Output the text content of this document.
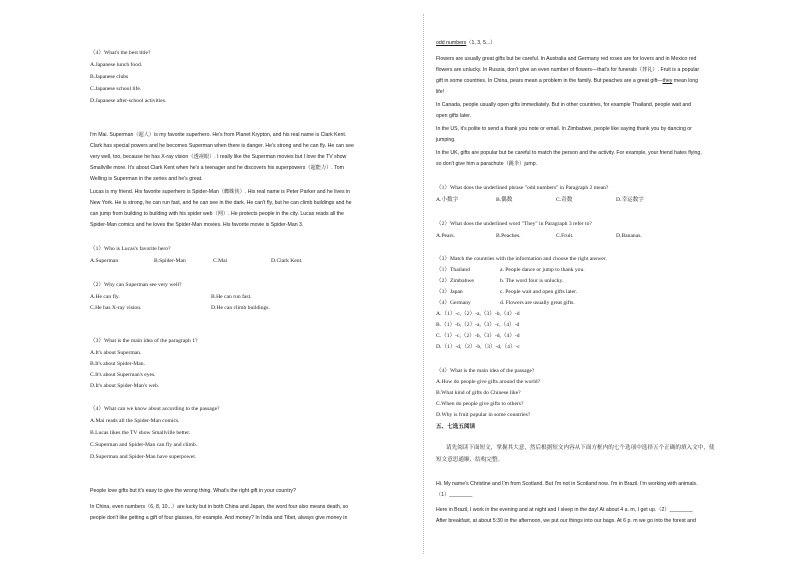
（4）What's the best title?
A.Japanese lunch food.
B.Japanese clubs
C.Japanese school life.
D.Japanese after-school activities.
I'm Mai. Superman（超人）is my favorite superhero. He's from Planet Krypton, and his real name is Clark Kent.
Clark has special powers and he becomes Superman when there is danger. He's strong and he can fly. He can see
very well, too, because he has X-ray vision（透视眼）. I really like the Superman movies but I love the TV show
Smallville more. It's about Clark Kent when he's a teenager and he discovers his superpowers（超能力）. Tom
Welling is Superman in the series and he's great.
Lucas is my friend. His favorite superhero is Spider-Man（蜘蛛侠）. His real name is Peter Parker and he lives in
New York. He is strong, he can run fast, and he can see in the dark. He can't fly, but he can climb buildings and he
can jump from building to building with his spider web（网）. He protects people in the city. Lucas reads all the
Spider-Man comics and he loves the Spider-Man movies. His favorite movie is Spider-Man 3.
（1）Who is Lucas's favorite hero?
A.Superman	B.Spider-Man	C.Mai	D.Clark Kent.
（2）Why can Superman see very well?
A.He can fly.	B.He can run fast.
C.He has X-ray vision.	D.He can climb buildings.
（3）What is the main idea of the paragraph 1?
A.It's about Superman.
B.It's about Spider-Man.
C.It's about Superman's eyes.
D.It's about Spider-Man's web.
（4）What can we know about according to the passage?
A.Mai reads all the Spider-Man comics.
B.Lucas likes the TV show Smallville better.
C.Superman and Spider-Man can fly and climb.
D.Superman and Spider-Man have superpower.
People love gifts but it's easy to give the wrong thing. What's the right gift in your country?
In China, even numbers（6, 8, 10...）are lucky but in both China and Japan, the word four also means death, so
people don't like getting a gift of four glasses, for example. And money? In India and Tibet, always give money in
odd numbers（1, 3, 5...）
Flowers are usually great gifts but be careful. In Australia and Germany red roses are for lovers and in Mexico red
flowers are unlucky. In Russia, don't give an even number of flowers—that's for funerals（葬礼）. Fruit is a popular
gift in some countries. In China, pears mean a problem in the family. But peaches are a great gift—they mean long
life!
In Canada, people usually open gifts immediately. But in other countries, for example Thailand, people wait and
open gifts later.
In the US, it's polite to send a thank you note or email. In Zimbabwe, people like saying thank you by dancing or
jumping.
In the UK, gifts are popular but be careful to match the person and the activity. For example, your friend hates flying,
so don't give him a parachute（跳伞）jump.
（1）What does the underlined phrase "odd numbers" in Paragraph 2 mean?
A.小数字	B.偶数	C.奇数	D.幸运数字
（2）What does the underlined word "They" in Paragraph 3 refer to?
A.Pears.	B.Peaches.	C.Fruit.	D.Bananas.
（3）Match the countries with the information and choose the right answer.
（1）Thailand	a. People dance or jump to thank you.
（2）Zimbabwe	b. The word four is unlucky.
（3）Japan	c. People wait and open gifts later.
（4）Germany	d. Flowers are usually great gifts.
A.（1）-c,（2）-a,（3）-b,（4）-d
B.（1）-b,（2）-a,（3）-c,（4）-d
C.（1）-c,（2）-b,（3）-d,（4）-d
D.（1）-d,（2）-b,（3）-d,（4）-c
（4）What is the main idea of the passage?
A.How do people give gifts around the world?
B.What kind of gifts do Chinese like?
C.When do people give gifts to others?
D.Why is fruit popular in some countries?
五、七选五阅读
请先阅读下面短文，掌握其大意，然后根据短文内容从下面方框内的七个选项中选择五个正确的填入文中，使
短文意思通顺、结构完整。
Hi. My name's Christine and I'm from Scotland. But I'm not in Scotland now. I'm in Brazil. I'm working with animals.
（1）________
Here in Brazil, I work in the evening and at night and I sleep in the day! At about 4 a. m, I get up.（2）________
After breakfast, at about 5:30 in the afternoon, we put our things into our bags. At 6 p. m we go into the forest and
